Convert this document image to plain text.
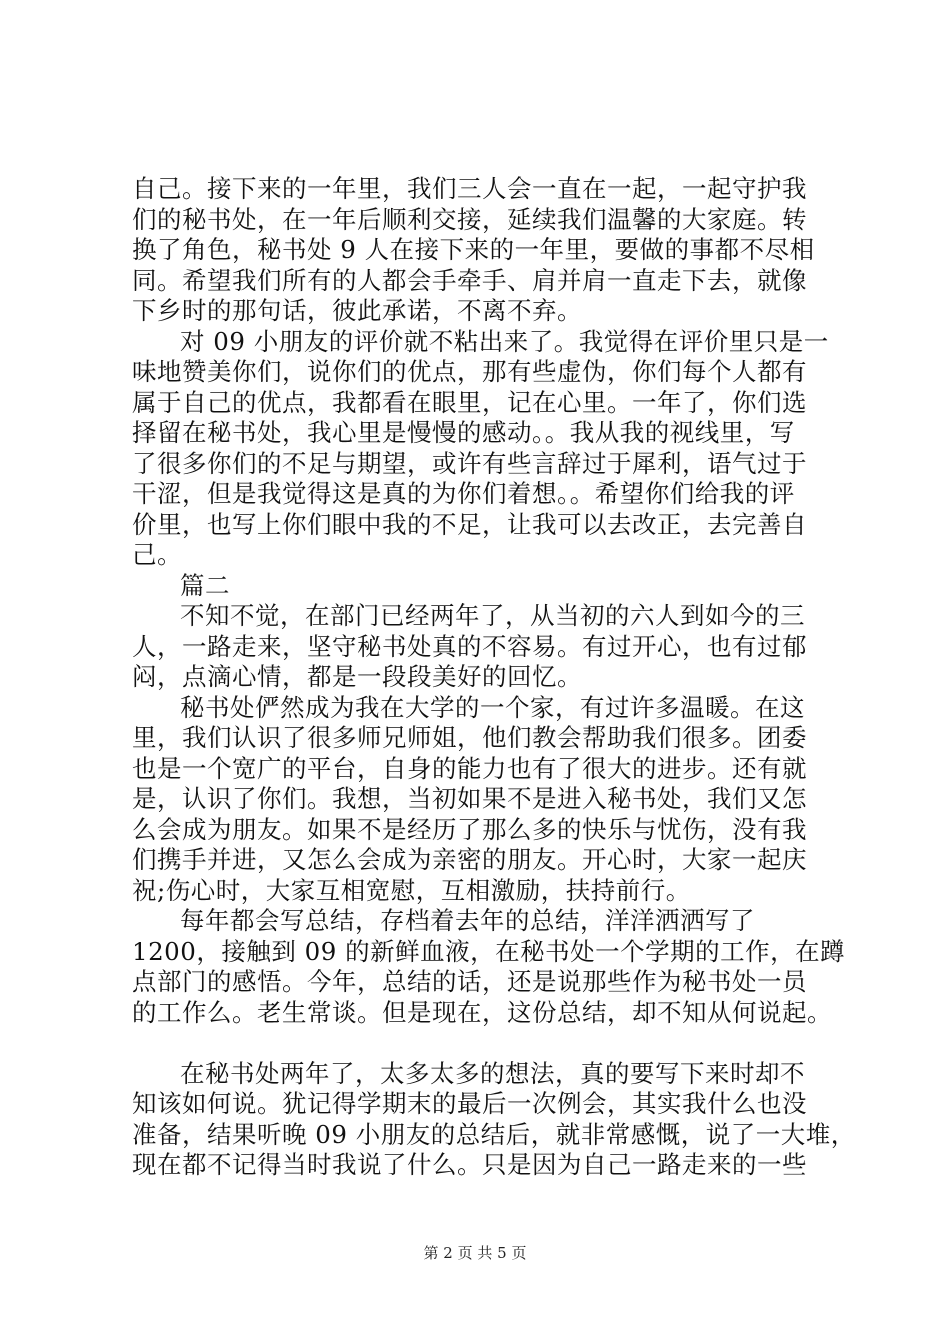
自己。接下来的一年里，我们三人会一直在一起，一起守护我
们的秘书处，在一年后顺利交接，延续我们温馨的大家庭。转
换了角色，秘书处 9 人在接下来的一年里，要做的事都不尽相
同。希望我们所有的人都会手牵手、肩并肩一直走下去，就像
下乡时的那句话，彼此承诺，不离不弃。
对 09 小朋友的评价就不粘出来了。我觉得在评价里只是一
味地赞美你们，说你们的优点，那有些虚伪，你们每个人都有
属于自己的优点，我都看在眼里，记在心里。一年了，你们选
择留在秘书处，我心里是慢慢的感动。。我从我的视线里，写
了很多你们的不足与期望，或许有些言辞过于犀利，语气过于
干涩，但是我觉得这是真的为你们着想。。希望你们给我的评
价里，也写上你们眼中我的不足，让我可以去改正，去完善自
己。
篇二
不知不觉，在部门已经两年了，从当初的六人到如今的三
人，一路走来，坚守秘书处真的不容易。有过开心，也有过郁
闷，点滴心情，都是一段段美好的回忆。
秘书处俨然成为我在大学的一个家，有过许多温暖。在这
里，我们认识了很多师兄师姐，他们教会帮助我们很多。团委
也是一个宽广的平台，自身的能力也有了很大的进步。还有就
是，认识了你们。我想，当初如果不是进入秘书处，我们又怎
么会成为朋友。如果不是经历了那么多的快乐与忧伤，没有我
们携手并进，又怎么会成为亲密的朋友。开心时，大家一起庆
祝;伤心时，大家互相宽慰，互相激励，扶持前行。
每年都会写总结，存档着去年的总结，洋洋洒洒写了
1200，接触到 09 的新鲜血液，在秘书处一个学期的工作，在蹲
点部门的感悟。今年，总结的话，还是说那些作为秘书处一员
的工作么。老生常谈。但是现在，这份总结，却不知从何说起。
在秘书处两年了，太多太多的想法，真的要写下来时却不
知该如何说。犹记得学期末的最后一次例会，其实我什么也没
准备，结果听晚 09 小朋友的总结后，就非常感慨，说了一大堆，
现在都不记得当时我说了什么。只是因为自己一路走来的一些
第 2 页 共 5 页
